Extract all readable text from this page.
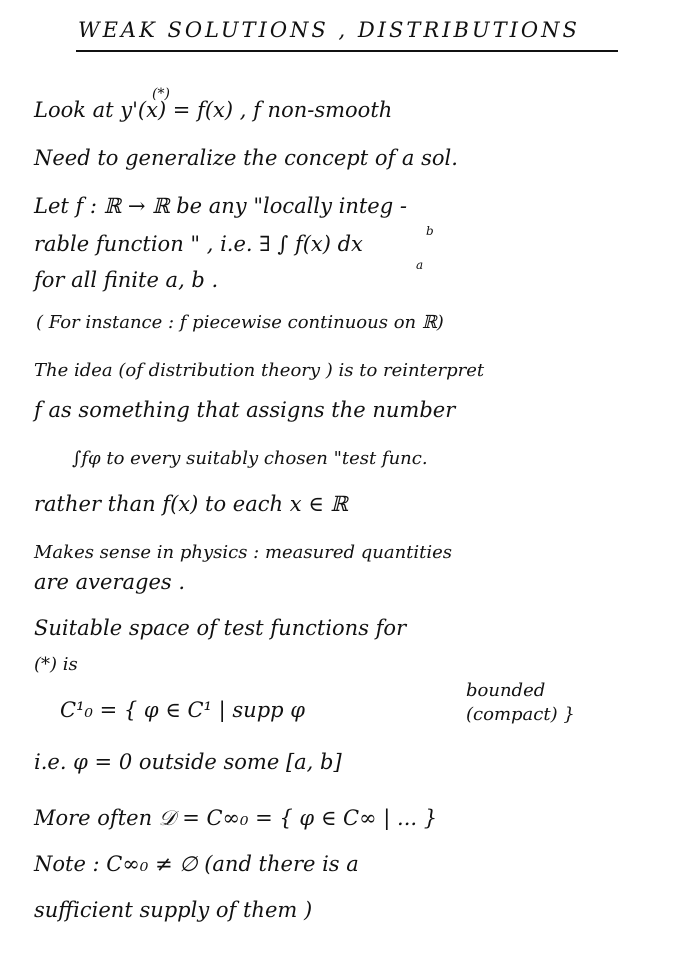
WEAK SOLUTIONS , DISTRIBUTIONS
(*)
Look at y'(x) = f(x) , f non-smooth
Need to generalize the concept of a sol.
Let f : ℝ → ℝ be any "locally integ -
b
rable function " , i.e. ∃ ∫ f(x) dx
a
for all finite a, b .
( For instance : f piecewise continuous on ℝ)
The idea (of distribution theory ) is to reinterpret
f as something that assigns the number
∫fφ to every suitably chosen "test func.
rather than f(x) to each x ∈ ℝ
Makes sense in physics : measured quantities
are averages .
Suitable space of test functions for
(*) is
C¹₀ = { φ ∈ C¹ | supp φ
bounded
(compact) }
i.e. φ = 0 outside some [a, b]
More often 𝒟 = C∞₀ = { φ ∈ C∞ | ... }
Note : C∞₀ ≠ ∅ (and there is a
sufficient supply of them )
